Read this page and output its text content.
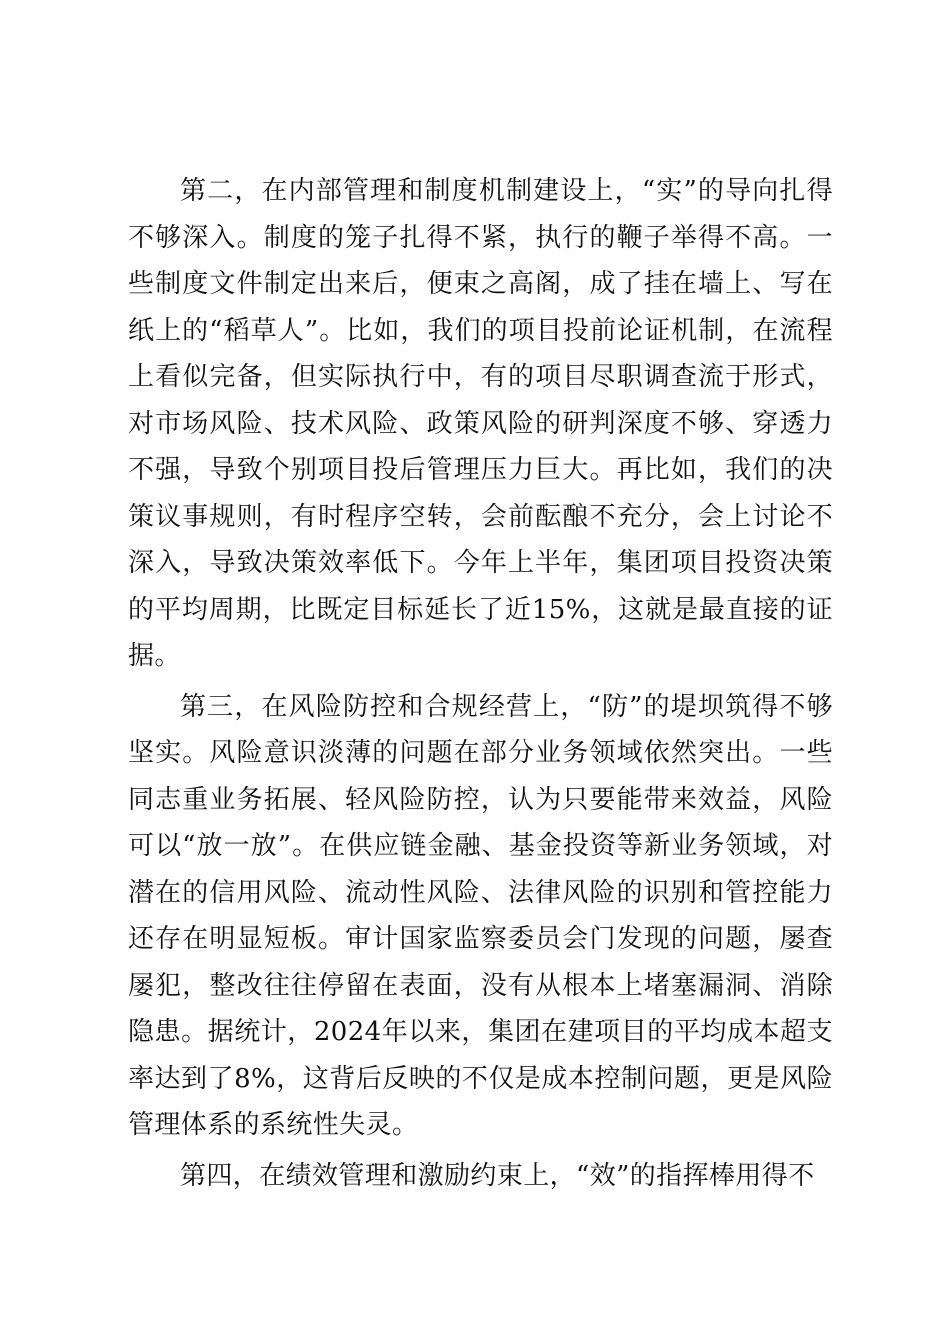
第二，在内部管理和制度机制建设上，“实”的导向扎得不够深入。制度的笼子扎得不紧，执行的鞭子举得不高。一些制度文件制定出来后，便束之高阁，成了挂在墙上、写在纸上的“稻草人”。比如，我们的项目投前论证机制，在流程上看似完备，但实际执行中，有的项目尽职调查流于形式，对市场风险、技术风险、政策风险的研判深度不够、穿透力不强，导致个别项目投后管理压力巨大。再比如，我们的决策议事规则，有时程序空转，会前酝酿不充分，会上讨论不深入，导致决策效率低下。今年上半年，集团项目投资决策的平均周期，比既定目标延长了近15%，这就是最直接的证据。

第三，在风险防控和合规经营上，“防”的堤坝筑得不够坚实。风险意识淡薄的问题在部分业务领域依然突出。一些同志重业务拓展、轻风险防控，认为只要能带来效益，风险可以“放一放”。在供应链金融、基金投资等新业务领域，对潜在的信用风险、流动性风险、法律风险的识别和管控能力还存在明显短板。审计国家监察委员会门发现的问题，屡查屡犯，整改往往停留在表面，没有从根本上堵塞漏洞、消除隐患。据统计，2024年以来，集团在建项目的平均成本超支率达到了8%，这背后反映的不仅是成本控制问题，更是风险管理体系的系统性失灵。

第四，在绩效管理和激励约束上，“效”的指挥棒用得不
